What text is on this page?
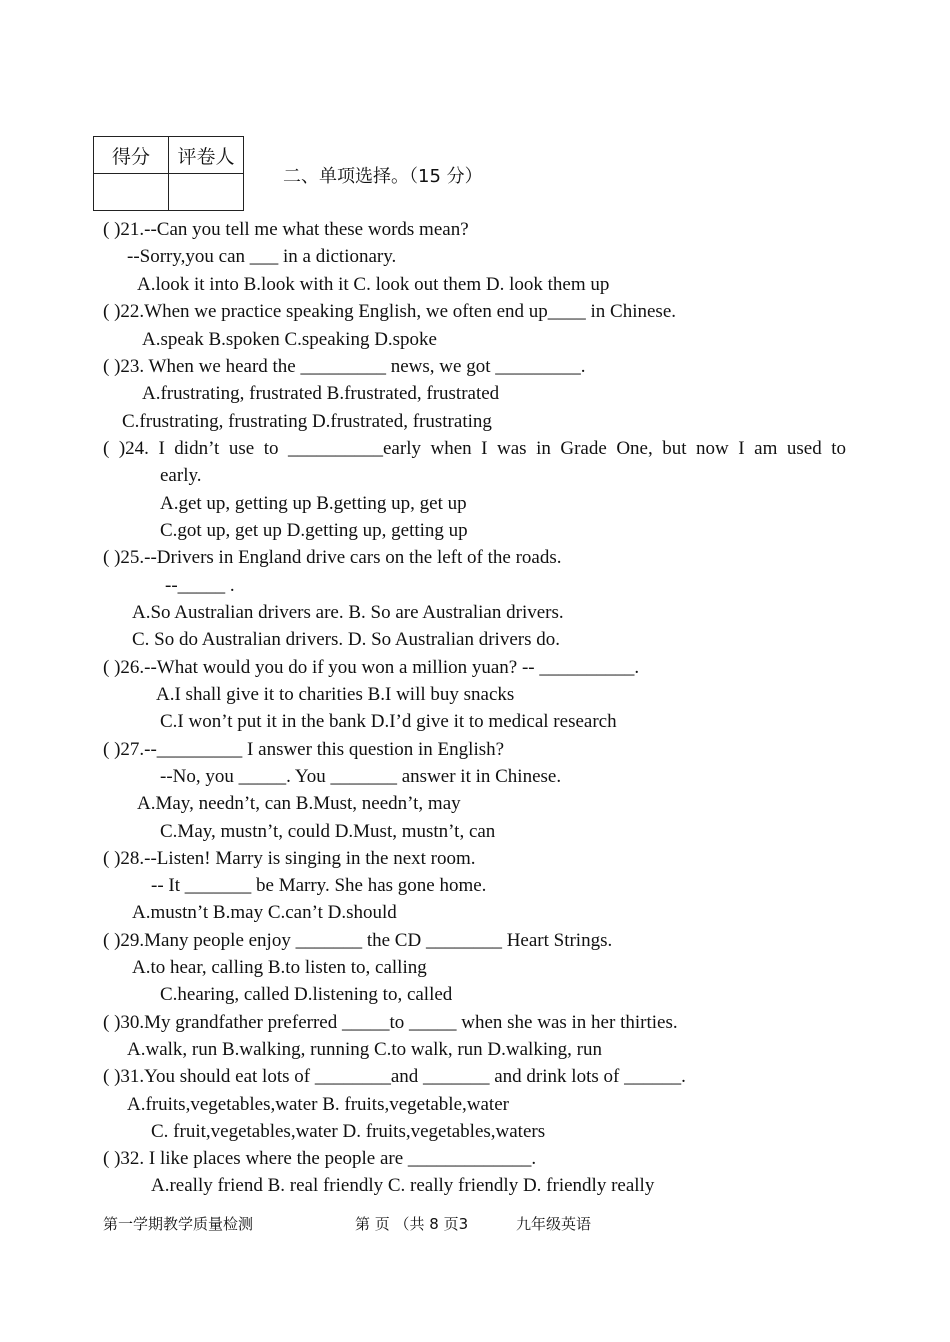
得分	评卷人

二、单项选择。（15 分）
( )21.--Can you tell me what these words mean?
--Sorry,you can ___ in a dictionary.
A.look it into B.look with it C. look out them D. look them up
( )22.When we practice speaking English, we often end up____ in Chinese.
A.speak B.spoken C.speaking D.spoke
( )23. When we heard the _________ news, we got _________.
A.frustrating, frustrated B.frustrated, frustrated
C.frustrating, frustrating D.frustrated, frustrating
( )24. I didn’t use to __________early when I was in Grade One, but now I am used to
early.
A.get up, getting up B.getting up, get up
C.got up, get up D.getting up, getting up
( )25.--Drivers in England drive cars on the left of the roads.
--_____ .
A.So Australian drivers are. B. So are Australian drivers.
C. So do Australian drivers. D. So Australian drivers do.
( )26.--What would you do if you won a million yuan? -- __________.
A.I shall give it to charities B.I will buy snacks
C.I won’t put it in the bank D.I’d give it to medical research
( )27.--_________ I answer this question in English?
--No, you _____. You _______ answer it in Chinese.
A.May, needn’t, can B.Must, needn’t, may
C.May, mustn’t, could D.Must, mustn’t, can
( )28.--Listen! Marry is singing in the next room.
-- It _______ be Marry. She has gone home.
A.mustn’t B.may C.can’t D.should
( )29.Many people enjoy _______ the CD ________ Heart Strings.
A.to hear, calling B.to listen to, calling
C.hearing, called D.listening to, called
( )30.My grandfather preferred _____to _____ when she was in her thirties.
A.walk, run B.walking, running C.to walk, run D.walking, run
( )31.You should eat lots of ________and _______ and drink lots of ______.
A.fruits,vegetables,water B. fruits,vegetable,water
C. fruit,vegetables,water D. fruits,vegetables,waters
( )32. I like places where the people are _____________.
A.really friend B. real friendly C. really friendly D. friendly really
第一学期教学质量检测	第 页 （共 8 页3	九年级英语
